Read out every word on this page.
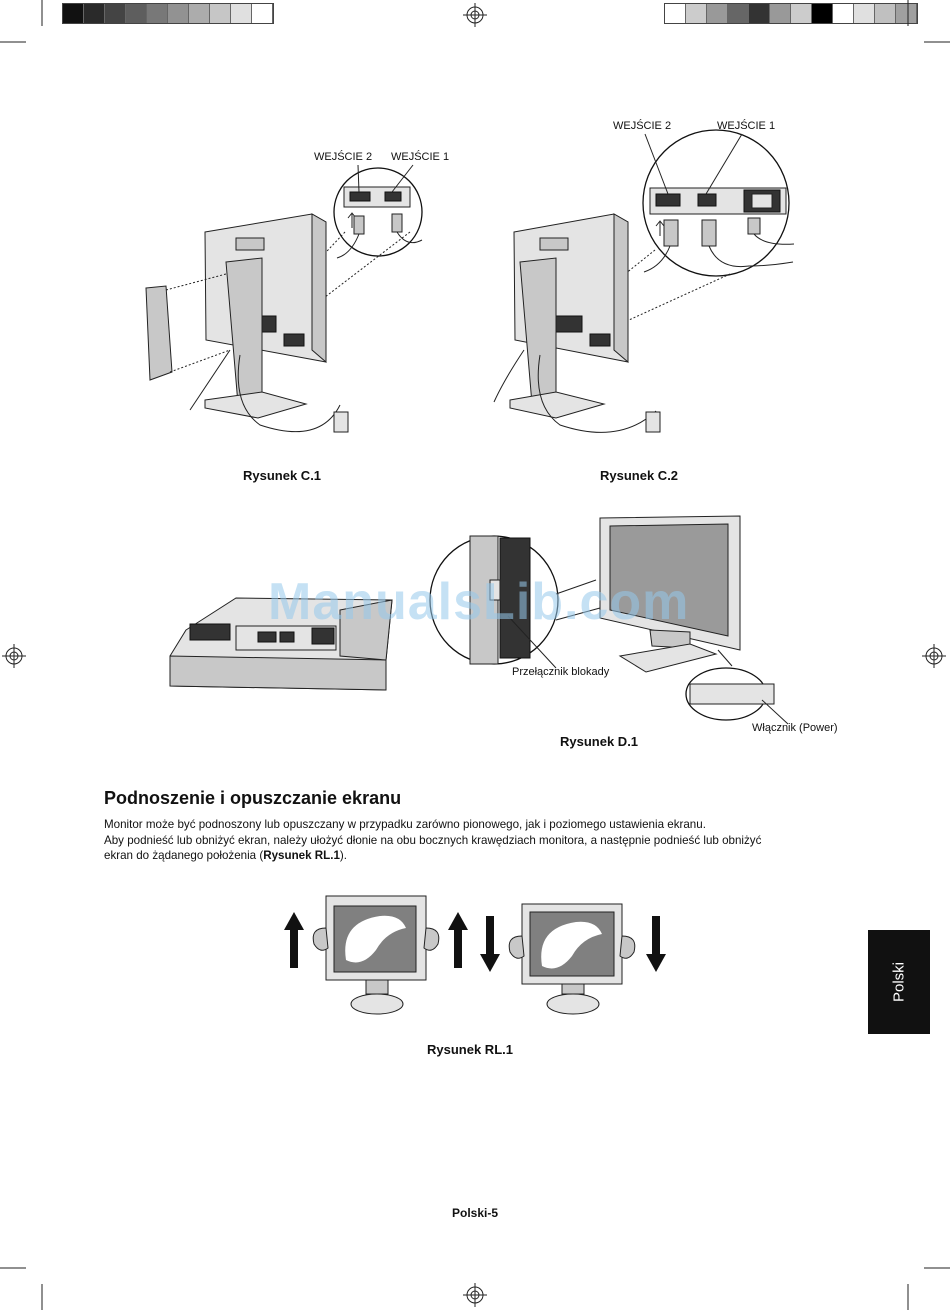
WEJŚCIE 2 WEJŚCIE 1
Rysunek C.1
WEJŚCIE 2	WEJŚCIE 1
Rysunek C.2
ManualsLib.com
Przełącznik blokady
Włącznik (Power)
Rysunek D.1
Podnoszenie i opuszczanie ekranu
Monitor może być podnoszony lub opuszczany w przypadku zarówno pionowego, jak i poziomego ustawienia ekranu.
Aby podnieść lub obniżyć ekran, należy ułożyć dłonie na obu bocznych krawędziach monitora, a następnie podnieść lub obniżyć
ekran do żądanego położenia (Rysunek RL.1).
Rysunek RL.1
Polski
Polski-5
